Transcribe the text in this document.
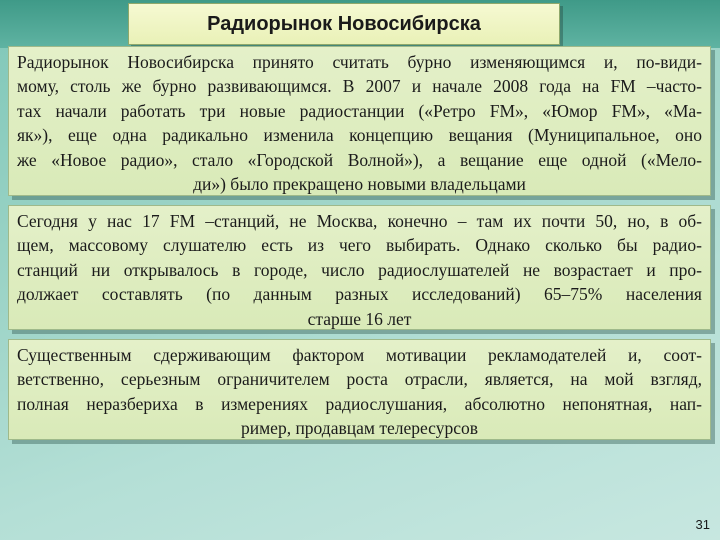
Радиорынок Новосибирска
Радиорынок Новосибирска принято считать бурно изменяющимся и, по-види-
мому, столь же бурно развивающимся. В 2007 и начале 2008 года на FM –часто-
тах начали работать три новые радиостанции («Ретро FM», «Юмор FM», «Ма-
як»), еще одна радикально изменила концепцию вещания (Муниципальное, оно
же «Новое радио», стало «Городской Волной»), а вещание еще одной («Мело-
ди») было прекращено новыми владельцами
Сегодня у нас 17 FM –станций, не Москва, конечно – там их почти 50, но, в об-
щем, массовому слушателю есть из чего выбирать. Однако сколько бы радио-
станций ни открывалось в городе, число радиослушателей не возрастает и про-
должает составлять (по данным разных исследований) 65–75% населения
старше 16 лет
Существенным сдерживающим фактором мотивации рекламодателей и, соот-
ветственно, серьезным ограничителем роста отрасли, является, на мой взгляд,
полная неразбериха в измерениях радиослушания, абсолютно непонятная, нап-
ример, продавцам телересурсов
31
